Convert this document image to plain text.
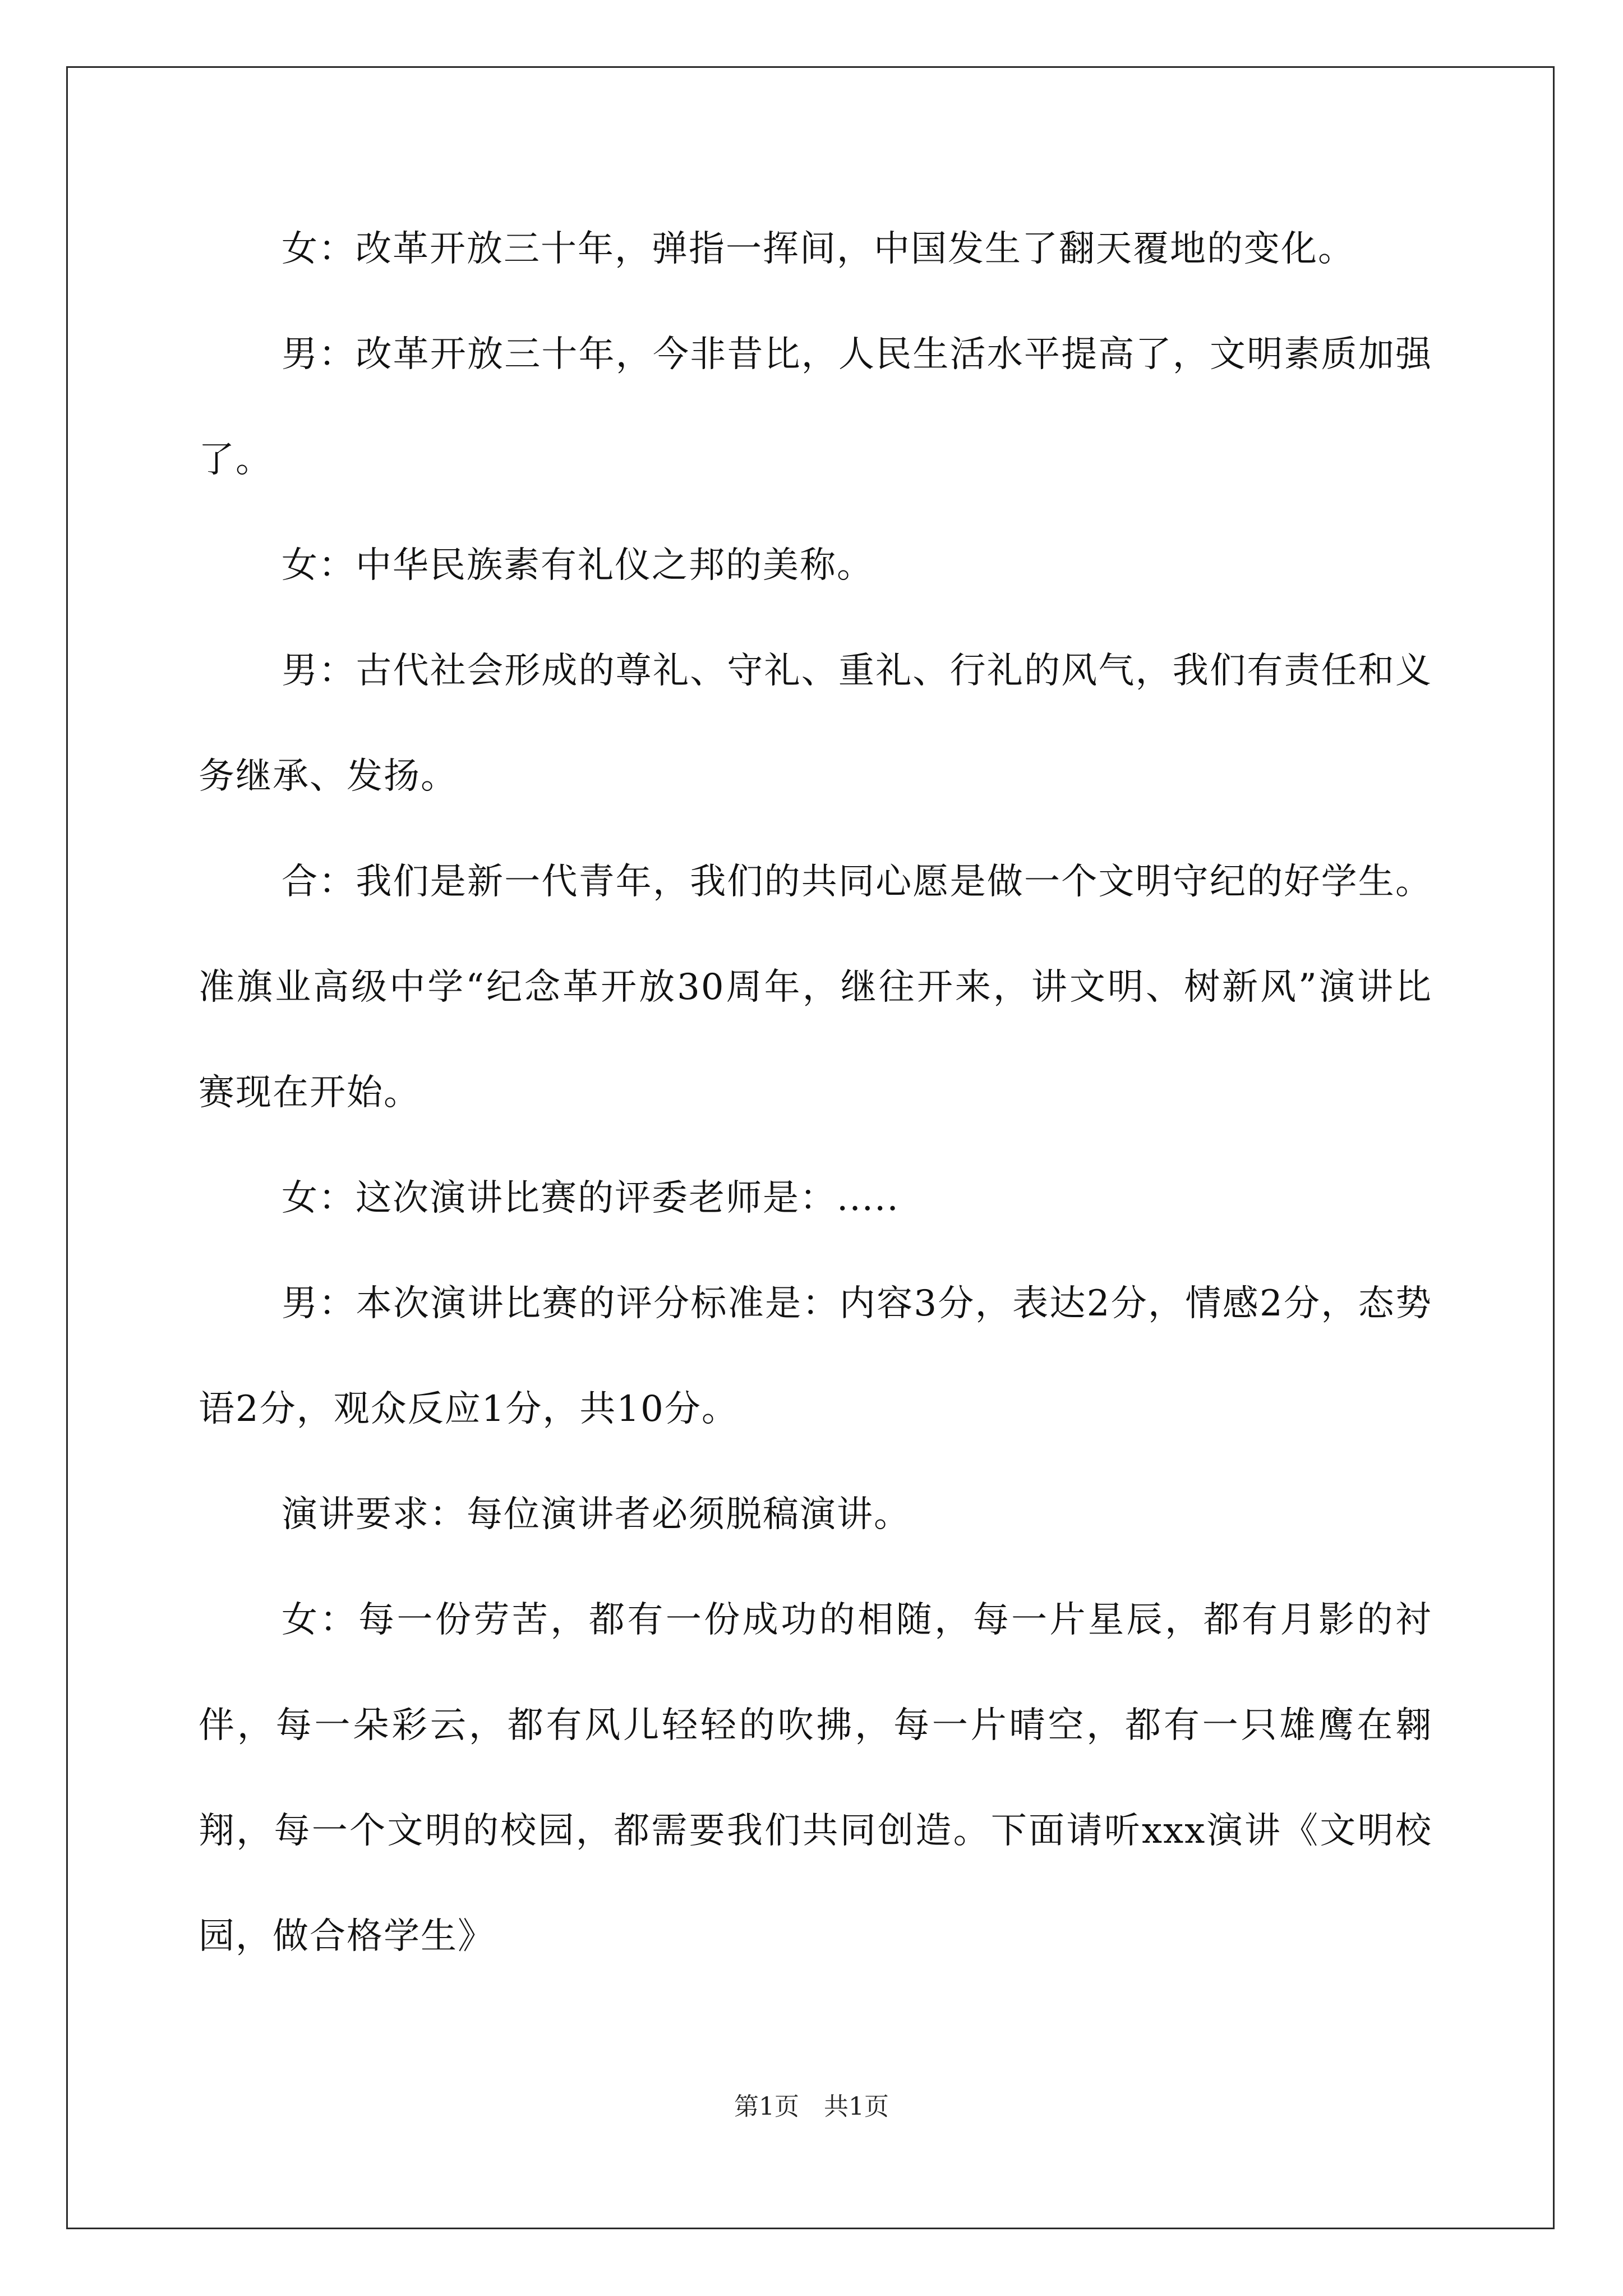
女：改革开放三十年，弹指一挥间，中国发生了翻天覆地的变化。

男：改革开放三十年，今非昔比，人民生活水平提高了，文明素质加强了。

女：中华民族素有礼仪之邦的美称。

男：古代社会形成的尊礼、守礼、重礼、行礼的风气，我们有责任和义务继承、发扬。

合：我们是新一代青年，我们的共同心愿是做一个文明守纪的好学生。准旗业高级中学“纪念革开放30周年，继往开来，讲文明、树新风”演讲比赛现在开始。

女：这次演讲比赛的评委老师是：.....

男：本次演讲比赛的评分标准是：内容3分，表达2分，情感2分，态势语2分，观众反应1分，共10分。

演讲要求：每位演讲者必须脱稿演讲。

女：每一份劳苦，都有一份成功的相随，每一片星辰，都有月影的衬伴，每一朵彩云，都有风儿轻轻的吹拂，每一片晴空，都有一只雄鹰在翱翔，每一个文明的校园，都需要我们共同创造。下面请听xxx演讲《文明校园，做合格学生》

第1页　共1页
